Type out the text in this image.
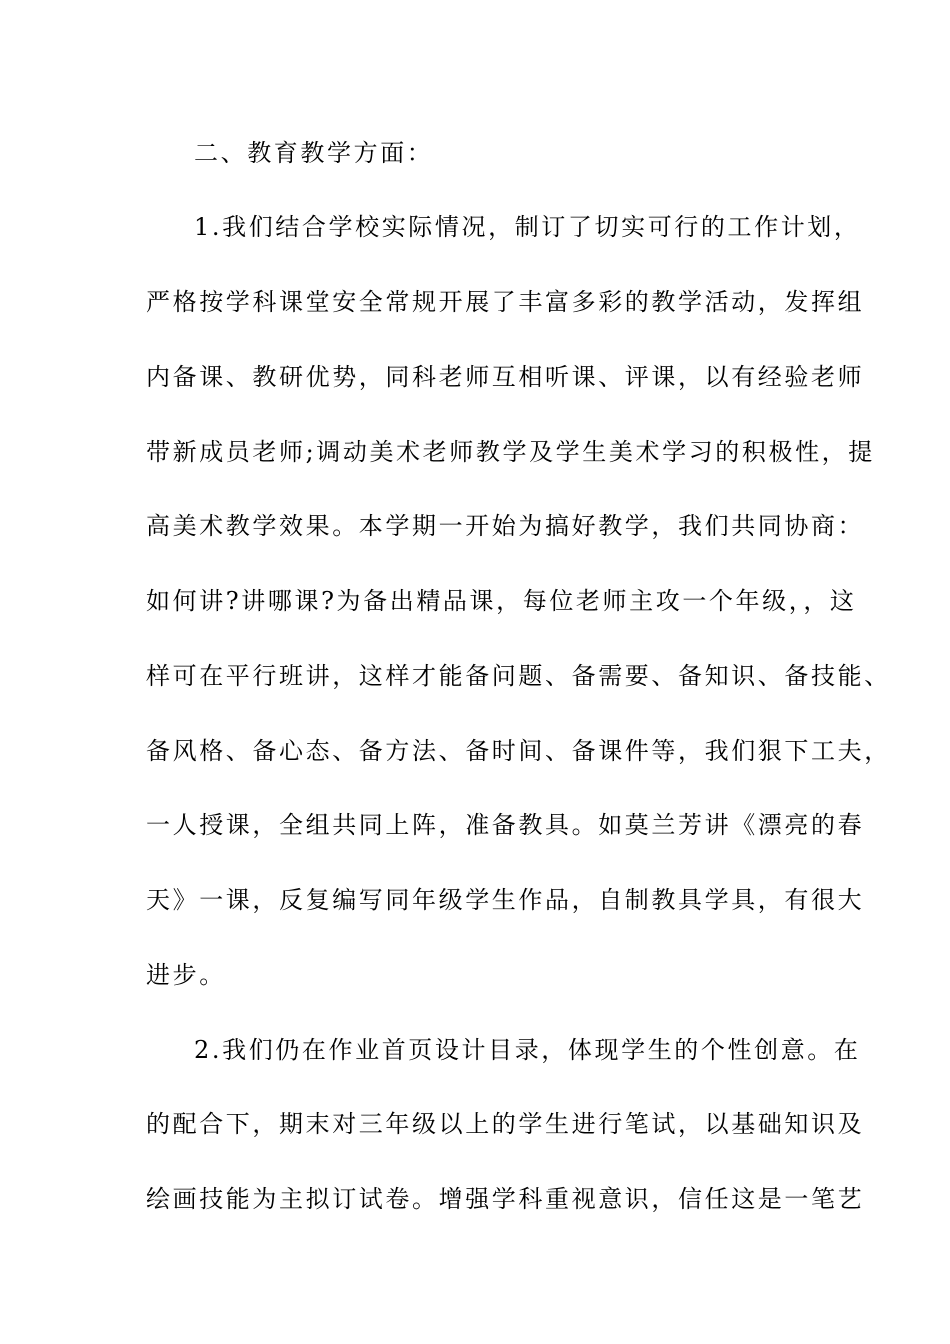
二、教育教学方面：
1.我们结合学校实际情况，制订了切实可行的工作计划，
严格按学科课堂安全常规开展了丰富多彩的教学活动，发挥组
内备课、教研优势，同科老师互相听课、评课，以有经验老师
带新成员老师;调动美术老师教学及学生美术学习的积极性，提
高美术教学效果。本学期一开始为搞好教学，我们共同协商：
如何讲?讲哪课?为备出精品课，每位老师主攻一个年级，，这
样可在平行班讲，这样才能备问题、备需要、备知识、备技能、
备风格、备心态、备方法、备时间、备课件等，我们狠下工夫，
一人授课，全组共同上阵，准备教具。如莫兰芳讲《漂亮的春
天》一课，反复编写同年级学生作品，自制教具学具，有很大
进步。
2.我们仍在作业首页设计目录，体现学生的个性创意。在
的配合下，期末对三年级以上的学生进行笔试，以基础知识及
绘画技能为主拟订试卷。增强学科重视意识，信任这是一笔艺
